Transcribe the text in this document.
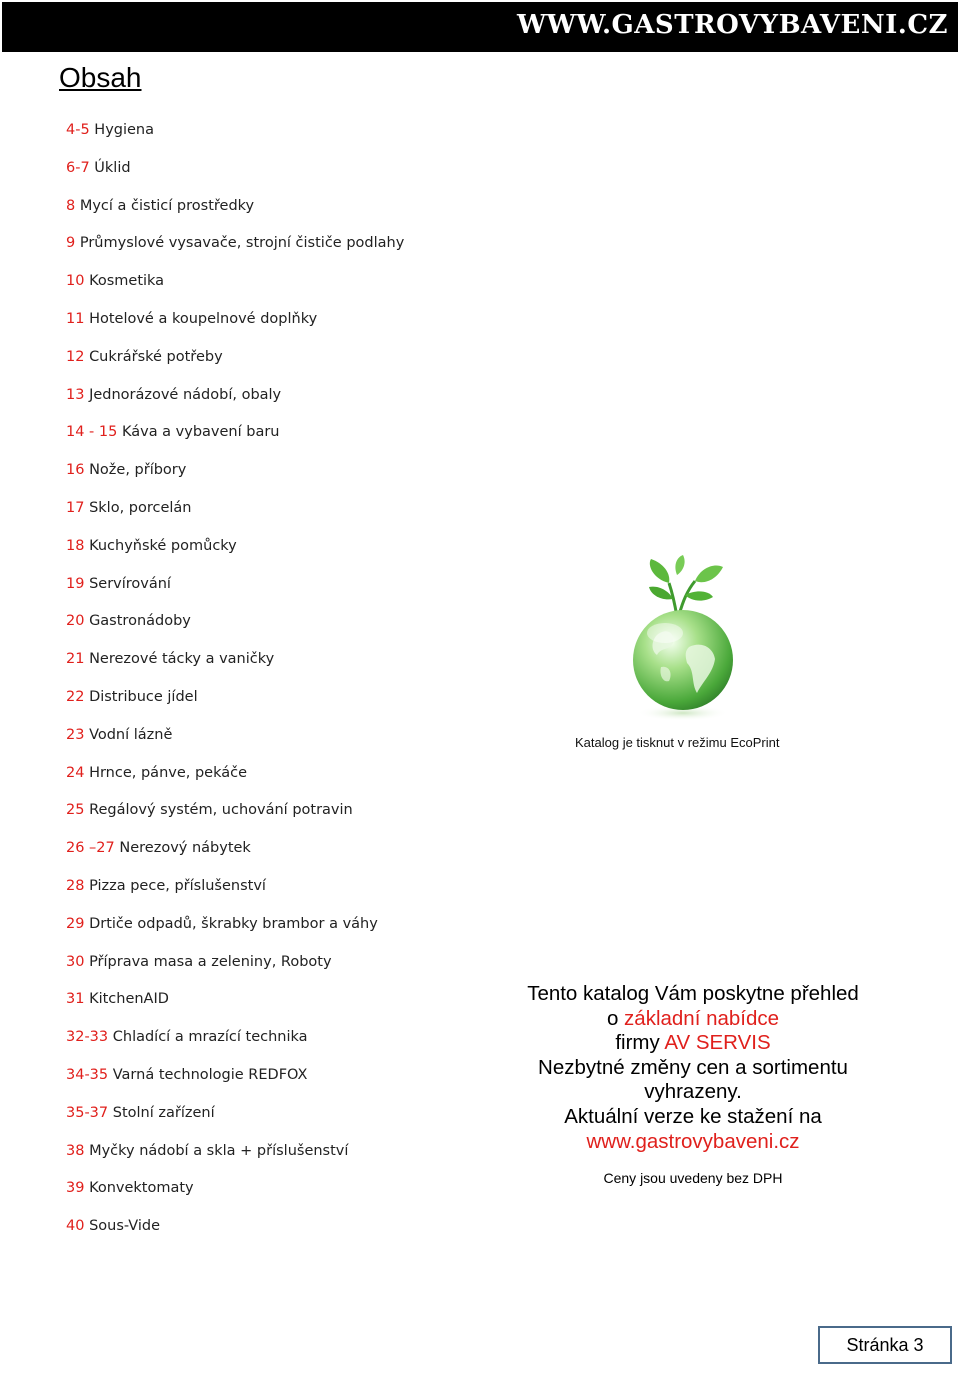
WWW.GASTROVYBAVENI.CZ
Obsah
4-5 Hygiena
6-7 Úklid
8 Mycí a čisticí prostředky
9 Průmyslové vysavače, strojní čističe podlahy
10 Kosmetika
11 Hotelové a koupelnové doplňky
12 Cukrářské potřeby
13 Jednorázové nádobí, obaly
14 - 15 Káva a vybavení baru
16 Nože, příbory
17 Sklo, porcelán
18 Kuchyňské pomůcky
19 Servírování
20 Gastronádoby
21 Nerezové tácky a vaničky
22 Distribuce jídel
23 Vodní lázně
24 Hrnce, pánve, pekáče
25 Regálový systém, uchování potravin
26 –27 Nerezový nábytek
28 Pizza pece, příslušenství
29 Drtiče odpadů, škrabky brambor a váhy
30 Příprava masa a zeleniny, Roboty
31 KitchenAID
32-33 Chladící a mrazící technika
34-35 Varná technologie REDFOX
35-37 Stolní zařízení
38 Myčky nádobí a skla + příslušenství
39 Konvektomaty
40 Sous-Vide
Katalog je tisknut v režimu EcoPrint
Tento katalog Vám poskytne přehled
o základní nabídce
firmy AV SERVIS
Nezbytné změny cen a sortimentu
vyhrazeny.
Aktuální verze ke stažení na
www.gastrovybaveni.cz
Ceny jsou uvedeny bez DPH
Stránka 3
